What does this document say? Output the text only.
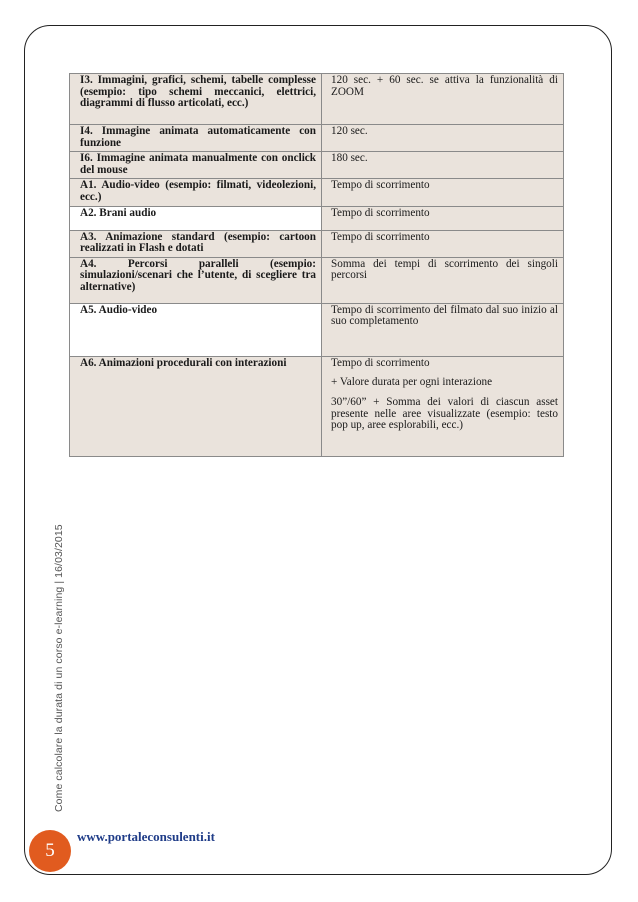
I3. Immagini, grafici, schemi, tabelle complesse (esempio: tipo schemi meccanici, elettrici, diagrammi di flusso articolati, ecc.)	120 sec. + 60 sec. se attiva la funzionalità di ZOOM

I4. Immagine animata automaticamente con funzione	120 sec.

I6. Immagine animata manualmente con onclick del mouse	180 sec.

A1. Audio-video (esempio: filmati, videolezioni, ecc.)	Tempo di scorrimento

A2. Brani audio	Tempo di scorrimento

A3. Animazione standard (esempio: cartoon realizzati in Flash e dotati	Tempo di scorrimento

A4. Percorsi paralleli (esempio: simulazioni/scenari che l’utente, di scegliere tra alternative)	Somma dei tempi di scorrimento dei singoli percorsi

A5. Audio-video	Tempo di scorrimento del filmato dal suo inizio al suo completamento

A6. Animazioni procedurali con interazioni	Tempo di scorrimento

+ Valore durata per ogni interazione

30”/60” + Somma dei valori di ciascun asset presente nelle aree visualizzate (esempio: testo pop up, aree esplorabili, ecc.)

Come calcolare la durata di un corso e-learning | 16/03/2015
5
www.portaleconsulenti.it
